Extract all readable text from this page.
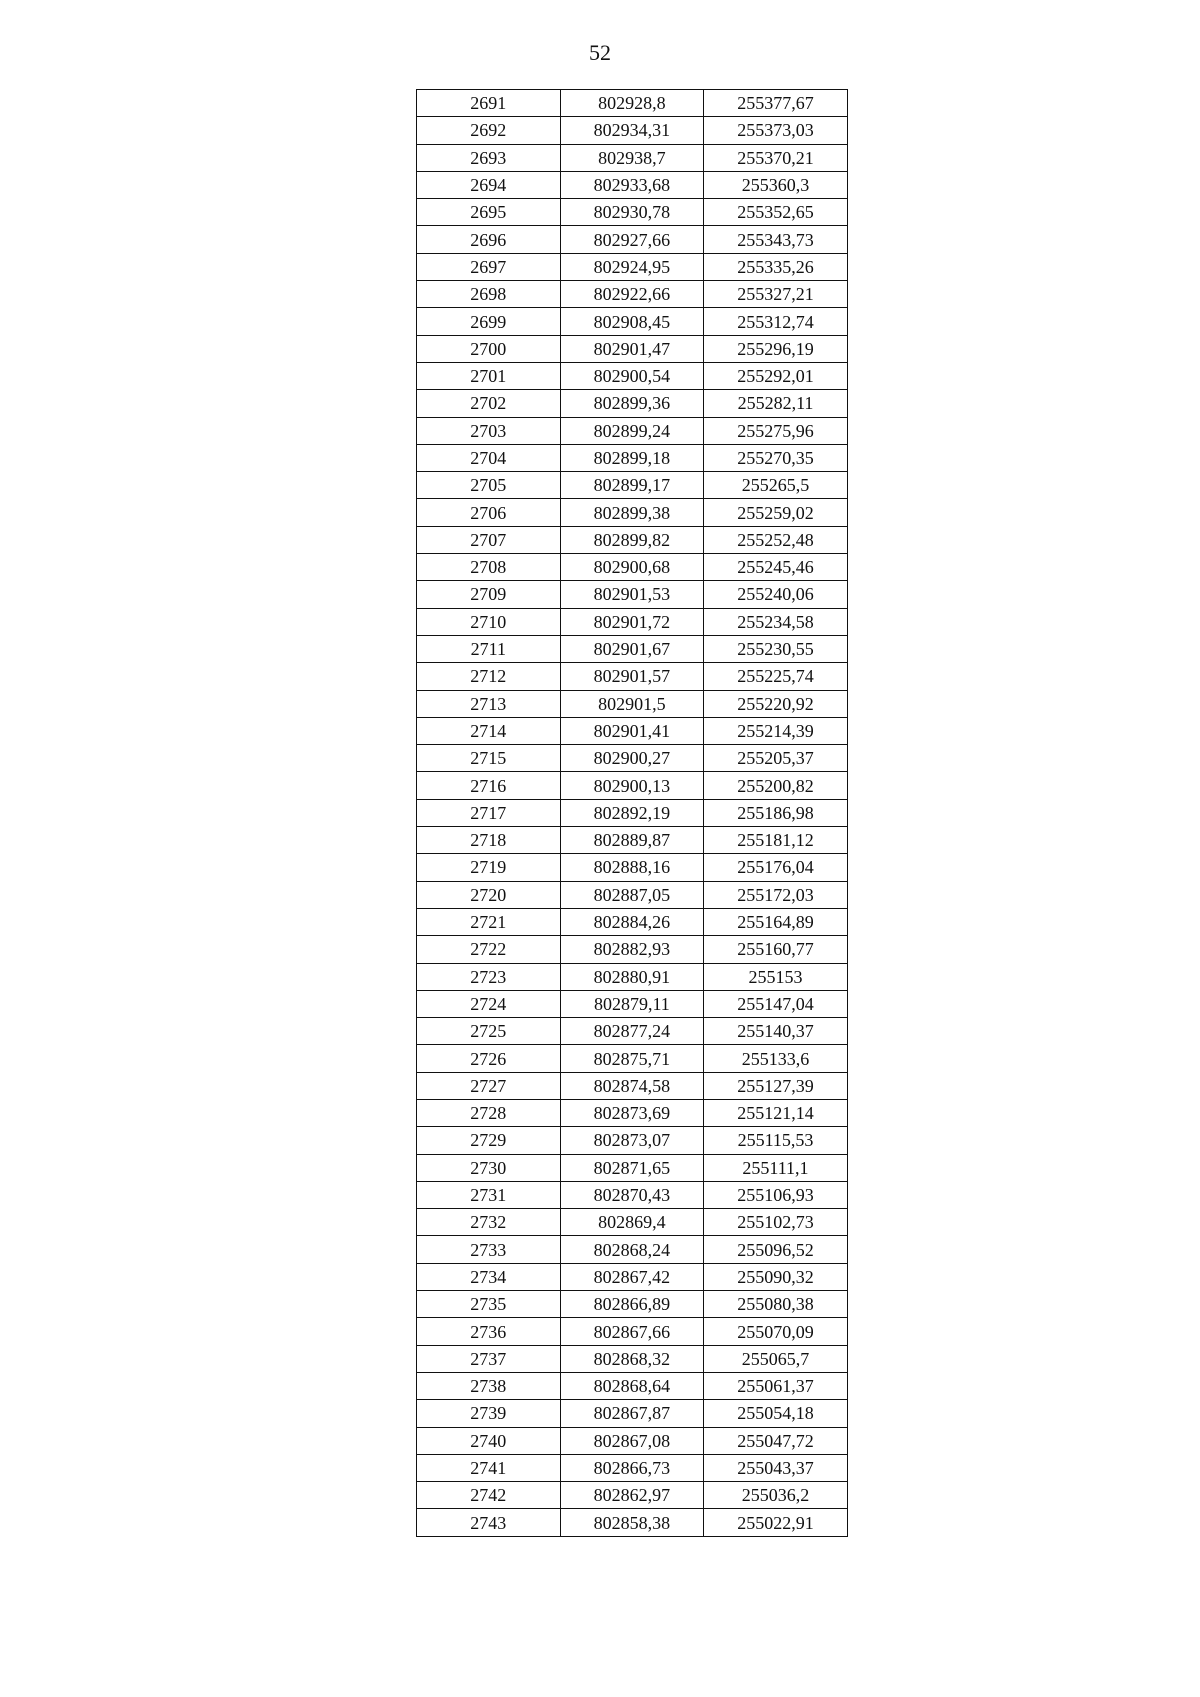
52
2691	802928,8	255377,67
2692	802934,31	255373,03
2693	802938,7	255370,21
2694	802933,68	255360,3
2695	802930,78	255352,65
2696	802927,66	255343,73
2697	802924,95	255335,26
2698	802922,66	255327,21
2699	802908,45	255312,74
2700	802901,47	255296,19
2701	802900,54	255292,01
2702	802899,36	255282,11
2703	802899,24	255275,96
2704	802899,18	255270,35
2705	802899,17	255265,5
2706	802899,38	255259,02
2707	802899,82	255252,48
2708	802900,68	255245,46
2709	802901,53	255240,06
2710	802901,72	255234,58
2711	802901,67	255230,55
2712	802901,57	255225,74
2713	802901,5	255220,92
2714	802901,41	255214,39
2715	802900,27	255205,37
2716	802900,13	255200,82
2717	802892,19	255186,98
2718	802889,87	255181,12
2719	802888,16	255176,04
2720	802887,05	255172,03
2721	802884,26	255164,89
2722	802882,93	255160,77
2723	802880,91	255153
2724	802879,11	255147,04
2725	802877,24	255140,37
2726	802875,71	255133,6
2727	802874,58	255127,39
2728	802873,69	255121,14
2729	802873,07	255115,53
2730	802871,65	255111,1
2731	802870,43	255106,93
2732	802869,4	255102,73
2733	802868,24	255096,52
2734	802867,42	255090,32
2735	802866,89	255080,38
2736	802867,66	255070,09
2737	802868,32	255065,7
2738	802868,64	255061,37
2739	802867,87	255054,18
2740	802867,08	255047,72
2741	802866,73	255043,37
2742	802862,97	255036,2
2743	802858,38	255022,91
